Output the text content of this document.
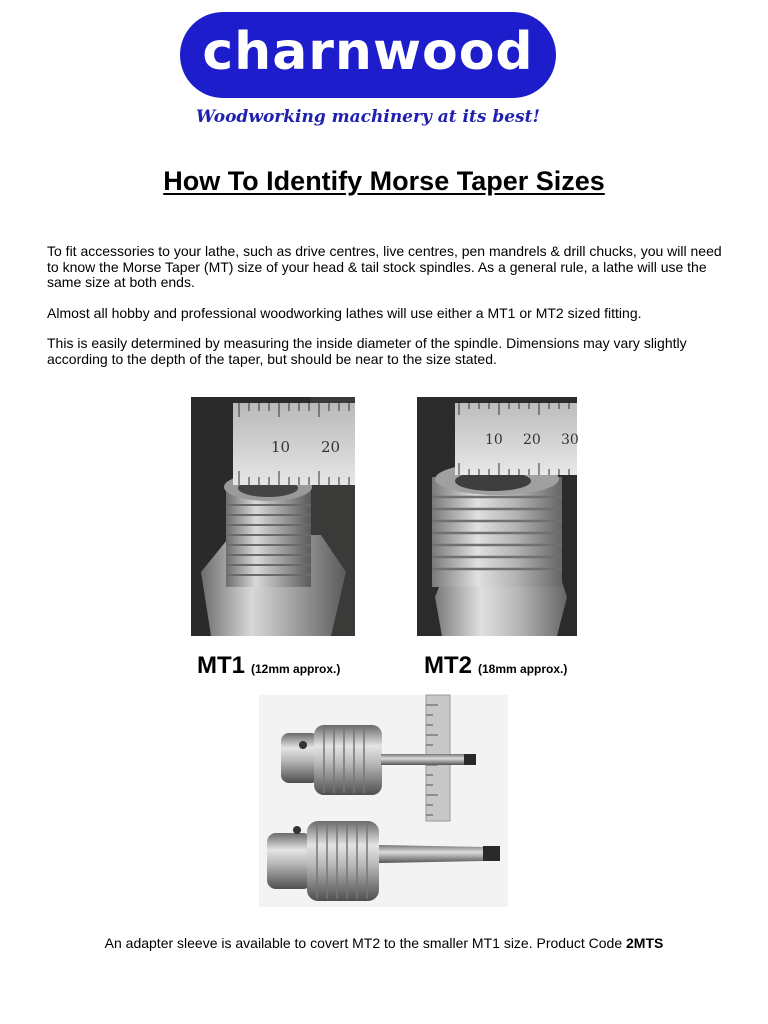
charnwood
Woodworking machinery at its best!
How To Identify Morse Taper Sizes

To fit accessories to your lathe, such as drive centres, live centres, pen mandrels & drill chucks, you will need to know the Morse Taper (MT) size of your head & tail stock spindles. As a general rule, a lathe will use the same size at both ends.

Almost all hobby and professional woodworking lathes will use either a MT1 or MT2 sized fitting.

This is easily determined by measuring the inside diameter of the spindle. Dimensions may vary slightly according to the depth of the taper, but should be near to the size stated.

10 20	10 20 30
MT1 (12mm approx.)	MT2 (18mm approx.)
An adapter sleeve is available to covert MT2 to the smaller MT1 size. Product Code 2MTS
